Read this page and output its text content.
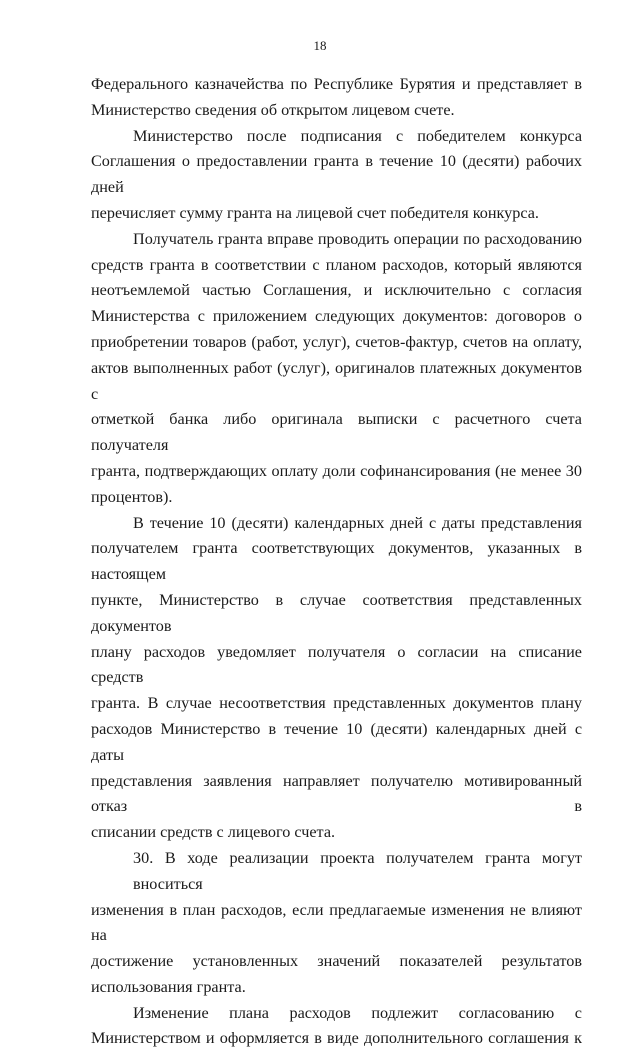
18
Федерального казначейства по Республике Бурятия и представляет в
Министерство сведения об открытом лицевом счете.
Министерство после подписания с победителем конкурса
Соглашения о предоставлении гранта в течение 10 (десяти) рабочих дней
перечисляет сумму гранта на лицевой счет победителя конкурса.
Получатель гранта вправе проводить операции по расходованию
средств гранта в соответствии с планом расходов, который являются
неотъемлемой частью Соглашения, и исключительно с согласия
Министерства с приложением следующих документов: договоров о
приобретении товаров (работ, услуг), счетов-фактур, счетов на оплату,
актов выполненных работ (услуг), оригиналов платежных документов с
отметкой банка либо оригинала выписки с расчетного счета получателя
гранта, подтверждающих оплату доли софинансирования (не менее 30
процентов).
В течение 10 (десяти) календарных дней с даты представления
получателем гранта соответствующих документов, указанных в настоящем
пункте, Министерство в случае соответствия представленных документов
плану расходов уведомляет получателя о согласии на списание средств
гранта. В случае несоответствия представленных документов плану
расходов Министерство в течение 10 (десяти) календарных дней с даты
представления заявления направляет получателю мотивированный отказ в
списании средств с лицевого счета.
30. В ходе реализации проекта получателем гранта могут вноситься
изменения в план расходов, если предлагаемые изменения не влияют на
достижение установленных значений показателей результатов
использования гранта.
Изменение плана расходов подлежит согласованию с
Министерством и оформляется в виде дополнительного соглашения к
